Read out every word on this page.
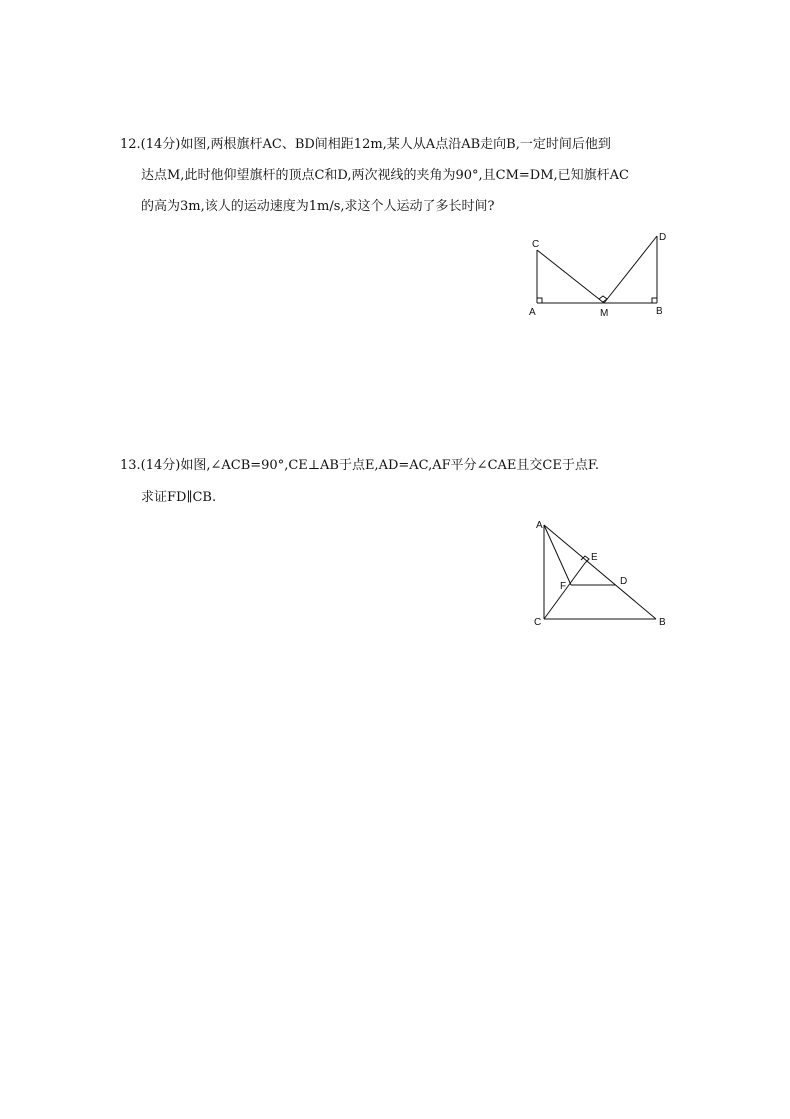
12.(14分)如图,两根旗杆AC、BD间相距12m,某人从A点沿AB走向B,一定时间后他到
达点M,此时他仰望旗杆的顶点C和D,两次视线的夹角为90°,且CM=DM,已知旗杆AC
的高为3m,该人的运动速度为1m/s,求这个人运动了多长时间?
C
D
A	M	B
13.(14分)如图,∠ACB=90°,CE⊥AB于点E,AD=AC,AF平分∠CAE且交CE于点F.
求证FD∥CB.
A
E
F	D
C	B
